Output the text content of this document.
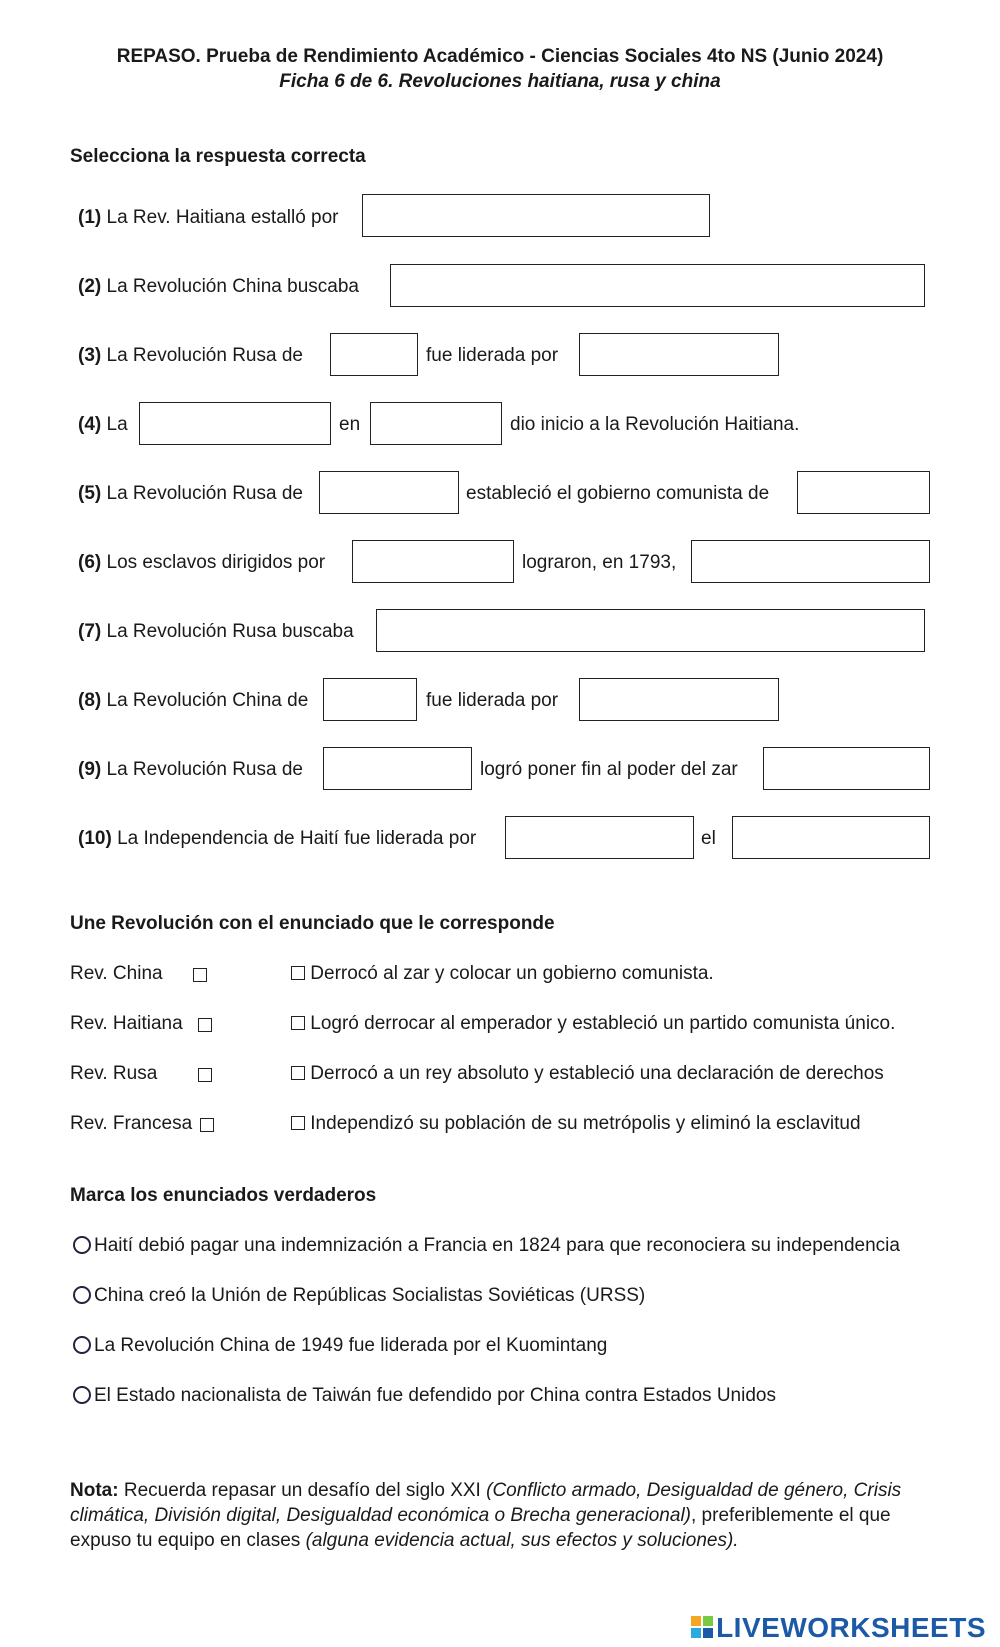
REPASO. Prueba de Rendimiento Académico - Ciencias Sociales 4to NS (Junio 2024)
Ficha 6 de 6. Revoluciones haitiana, rusa y china
Selecciona la respuesta correcta
(1) La Rev. Haitiana estalló por
(2) La Revolución China buscaba
(3) La Revolución Rusa de	fue liderada por
(4) La	en	dio inicio a la Revolución Haitiana.
(5) La Revolución Rusa de	estableció el gobierno comunista de
(6) Los esclavos dirigidos por	lograron, en 1793,
(7) La Revolución Rusa buscaba
(8) La Revolución China de	fue liderada por
(9) La Revolución Rusa de	logró poner fin al poder del zar
(10) La Independencia de Haití fue liderada por	el
Une Revolución con el enunciado que le corresponde
Rev. China	Derrocó al zar y colocar un gobierno comunista.
Rev. Haitiana	Logró derrocar al emperador y estableció un partido comunista único.
Rev. Rusa	Derrocó a un rey absoluto y estableció una declaración de derechos
Rev. Francesa	Independizó su población de su metrópolis y eliminó la esclavitud
Marca los enunciados verdaderos
Haití debió pagar una indemnización a Francia en 1824 para que reconociera su independencia
China creó la Unión de Repúblicas Socialistas Soviéticas (URSS)
La Revolución China de 1949 fue liderada por el Kuomintang
El Estado nacionalista de Taiwán fue defendido por China contra Estados Unidos
Nota: Recuerda repasar un desafío del siglo XXI (Conflicto armado, Desigualdad de género, Crisis climática, División digital, Desigualdad económica o Brecha generacional), preferiblemente el que expuso tu equipo en clases (alguna evidencia actual, sus efectos y soluciones).
LIVEWORKSHEETS
